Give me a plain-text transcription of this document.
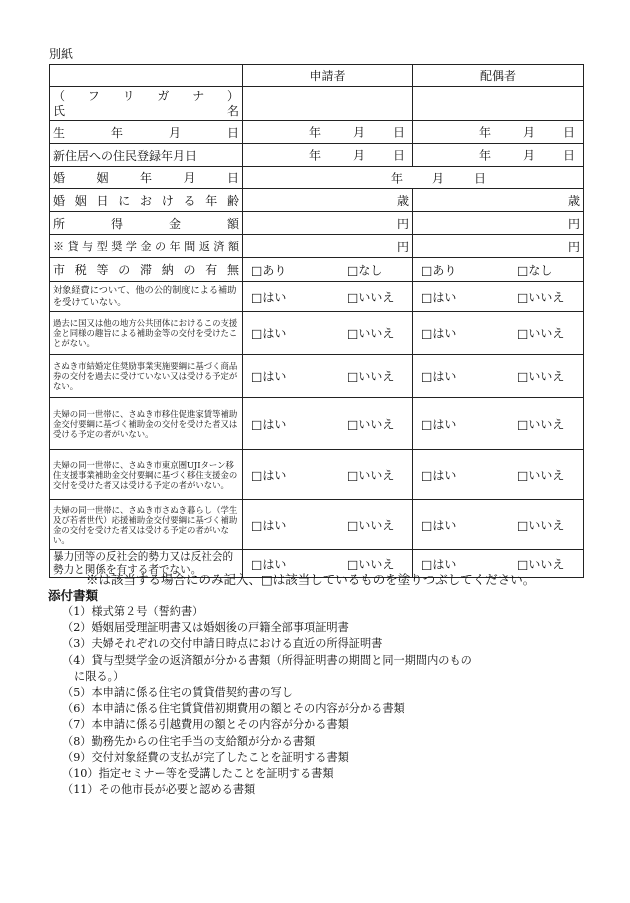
別紙
	申請者	配偶者

（　フ　リ　ガ　ナ　）
氏 名		

生年月日	年 月 日	年 月 日

新住居への住民登録年月日	年 月 日	年 月 日

婚姻年月日	年 月 日	

婚姻日における年齢	歳	歳
所得金額	円	円
※貸与型奨学金の年間返済額	円	円
市税等の滞納の有無	□あり □なし	□あり □なし

対象経費について、他の公的制度による補助を受けていない。	□はい □いいえ	□はい □いいえ

過去に国又は他の地方公共団体におけるこの支援金と同様の趣旨による補助金等の交付を受けたことがない。	□はい □いいえ	□はい □いいえ

さぬき市結婚定住奨励事業実施要綱に基づく商品券の交付を過去に受けていない又は受ける予定がない。	□はい □いいえ	□はい □いいえ

夫婦の同一世帯に、さぬき市移住促進家賃等補助金交付要綱に基づく補助金の交付を受けた者又は受ける予定の者がいない。	□はい □いいえ	□はい □いいえ

夫婦の同一世帯に、さぬき市東京圏UJIターン移住支援事業補助金交付要綱に基づく移住支援金の交付を受けた者又は受ける予定の者がいない。	□はい □いいえ	□はい □いいえ

夫婦の同一世帯に、さぬき市さぬき暮らし（学生及び若者世代）応援補助金交付要綱に基づく補助金の交付を受けた者又は受ける予定の者がいない。	□はい □いいえ	□はい □いいえ

暴力団等の反社会的勢力又は反社会的勢力と関係を有する者でない。	□はい □いいえ	□はい □いいえ
※は該当する場合にのみ記入、□は該当しているものを塗りつぶしてください。
添付書類
（1）様式第２号（誓約書）
（2）婚姻届受理証明書又は婚姻後の戸籍全部事項証明書
（3）夫婦それぞれの交付申請日時点における直近の所得証明書
（4）貸与型奨学金の返済額が分かる書類（所得証明書の期間と同一期間内のもの
に限る。）
（5）本申請に係る住宅の賃貸借契約書の写し
（6）本申請に係る住宅賃貸借初期費用の額とその内容が分かる書類
（7）本申請に係る引越費用の額とその内容が分かる書類
（8）勤務先からの住宅手当の支給額が分かる書類
（9）交付対象経費の支払が完了したことを証明する書類
（10）指定セミナー等を受講したことを証明する書類
（11）その他市長が必要と認める書類
